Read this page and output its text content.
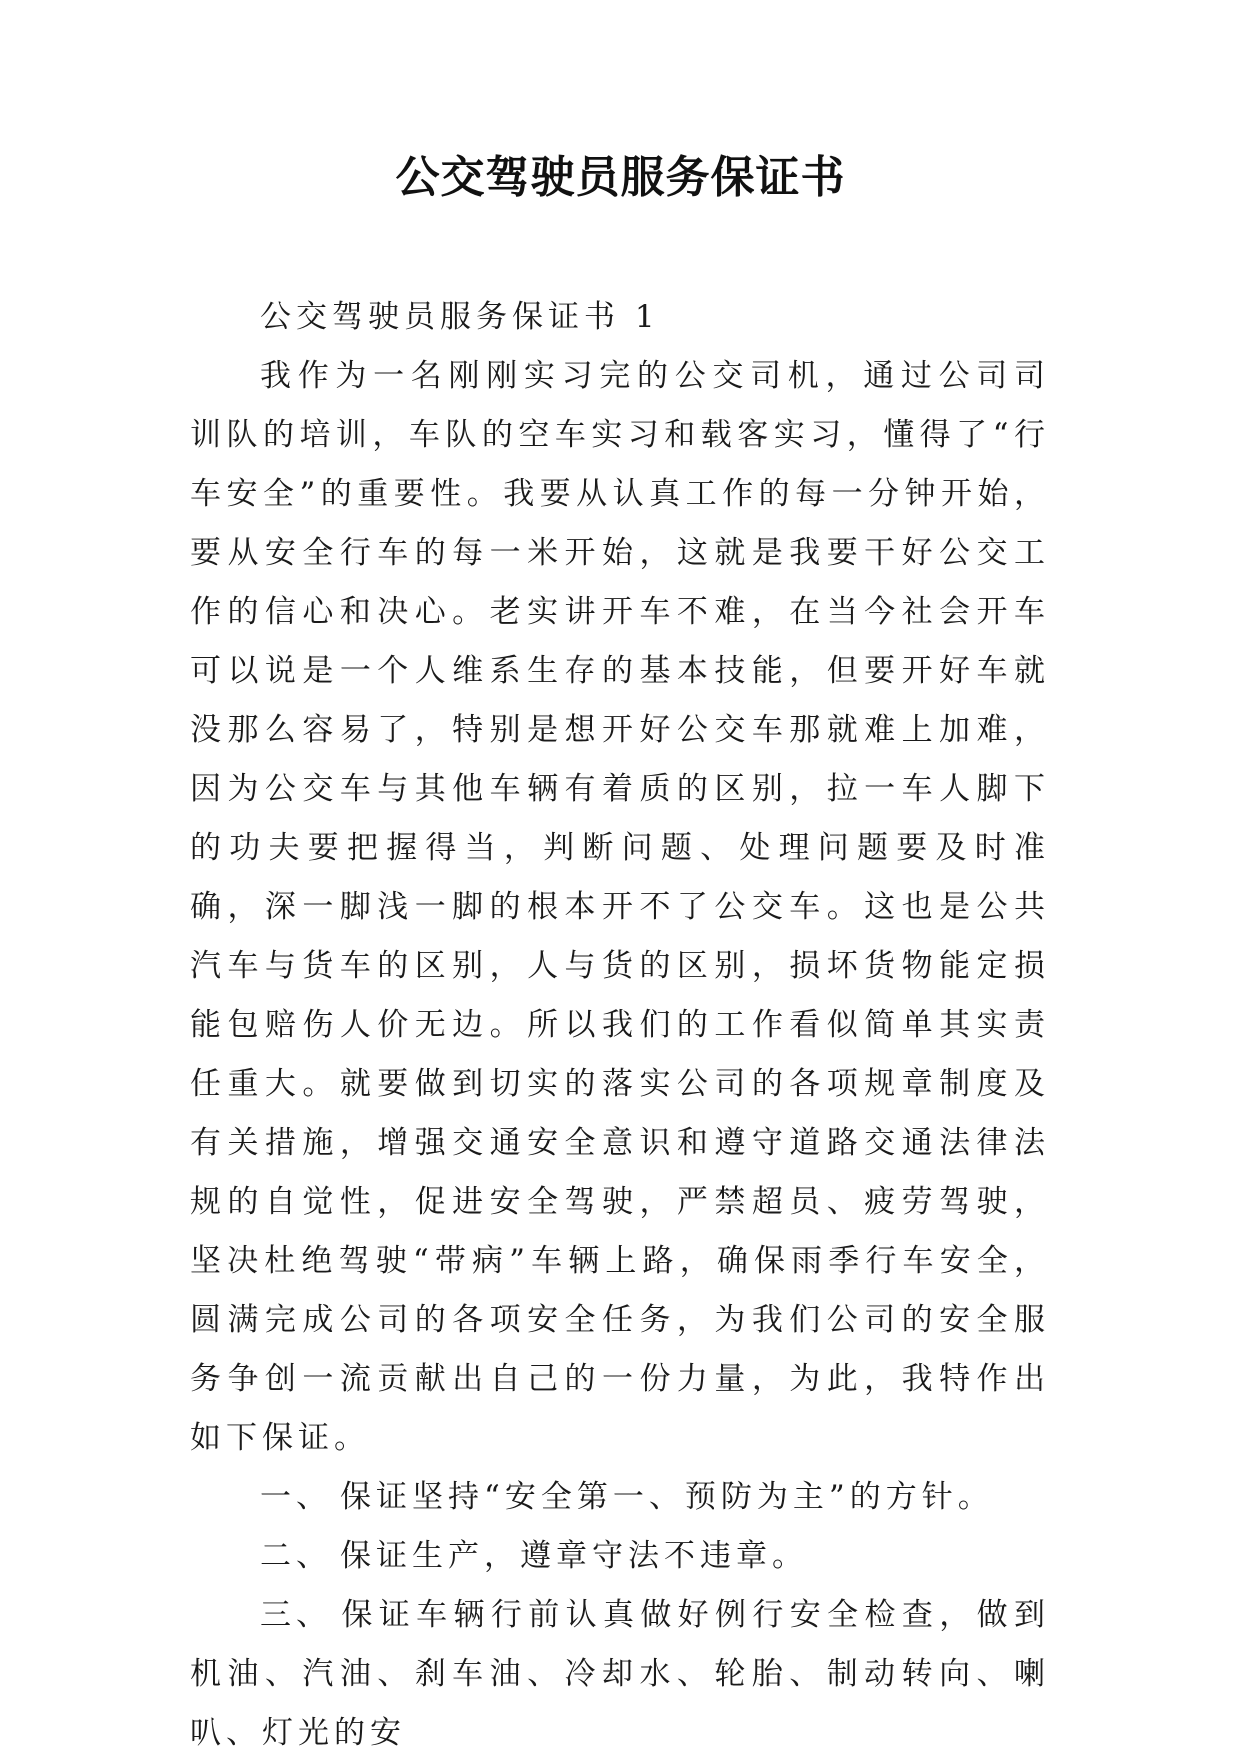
公交驾驶员服务保证书

公交驾驶员服务保证书 1

我作为一名刚刚实习完的公交司机，通过公司司训队的培训，车队的空车实习和载客实习，懂得了“行车安全”的重要性。我要从认真工作的每一分钟开始，要从安全行车的每一米开始，这就是我要干好公交工作的信心和决心。老实讲开车不难，在当今社会开车可以说是一个人维系生存的基本技能，但要开好车就没那么容易了，特别是想开好公交车那就难上加难，因为公交车与其他车辆有着质的区别，拉一车人脚下的功夫要把握得当，判断问题、处理问题要及时准确，深一脚浅一脚的根本开不了公交车。这也是公共汽车与货车的区别，人与货的区别，损坏货物能定损能包赔伤人价无边。所以我们的工作看似简单其实责任重大。就要做到切实的落实公司的各项规章制度及有关措施，增强交通安全意识和遵守道路交通法律法规的自觉性，促进安全驾驶，严禁超员、疲劳驾驶，坚决杜绝驾驶“带病”车辆上路，确保雨季行车安全，圆满完成公司的各项安全任务，为我们公司的安全服务争创一流贡献出自己的一份力量，为此，我特作出如下保证。

一、 保证坚持“安全第一、预防为主”的方针。

二、 保证生产，遵章守法不违章。

三、 保证车辆行前认真做好例行安全检查，做到机油、汽油、刹车油、冷却水、轮胎、制动转向、喇叭、灯光的安
